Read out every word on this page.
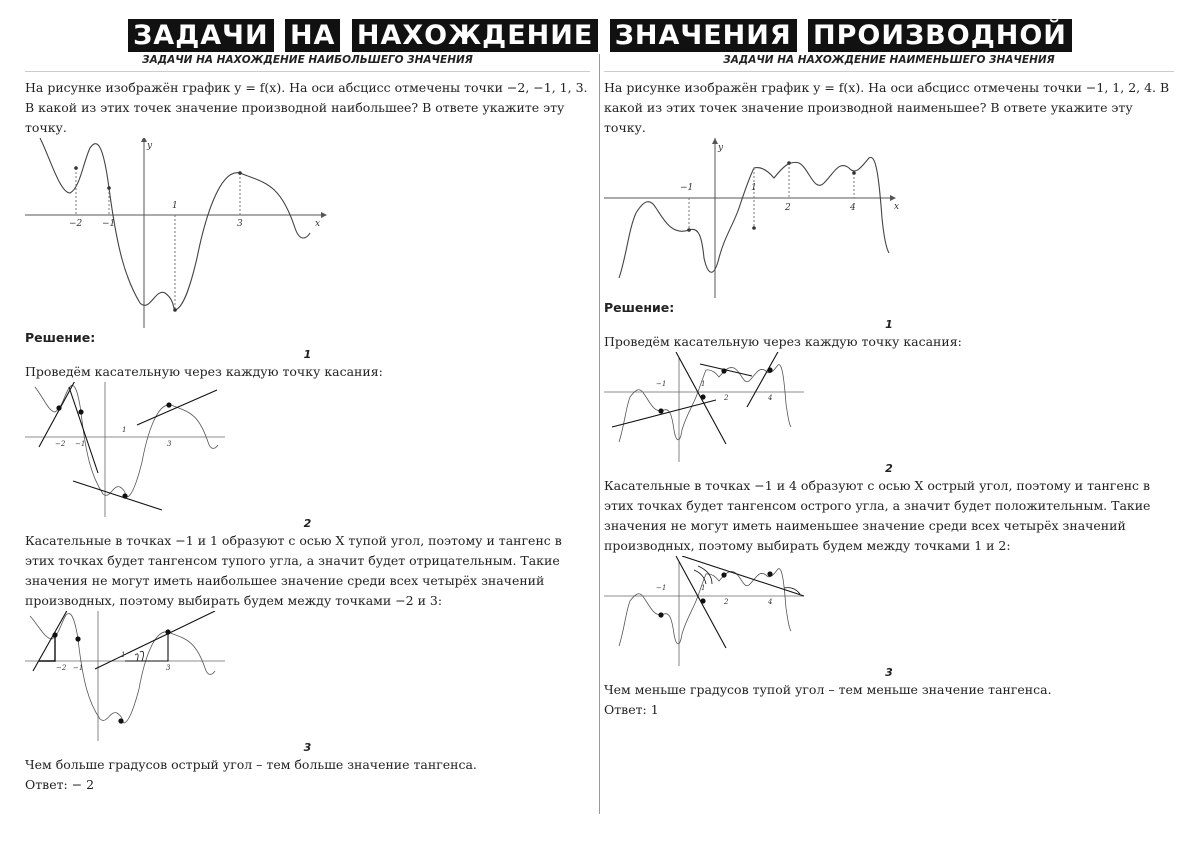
ЗАДАЧИ НА НАХОЖДЕНИЕ ЗНАЧЕНИЯ ПРОИЗВОДНОЙ
ЗАДАЧИ НА НАХОЖДЕНИЕ НАИБОЛЬШЕГО ЗНАЧЕНИЯ

На рисунке изображён график y = f(x). На оси абсцисс отмечены точки −2, −1, 1, 3. В какой из этих точек значение производной наибольшее? В ответе укажите эту точку.

y
x
−2 −1
1
3

Решение:

1

Проведём касательную через каждую точку касания:

−2 −1
1
3
2

Касательные в точках −1 и 1 образуют с осью X тупой угол, поэтому и тангенс в этих точках будет тангенсом тупого угла, а значит будет отрицательным. Такие значения не могут иметь наибольшее значение среди всех четырёх значений производных, поэтому выбирать будем между точками −2 и 3:

−2 −1
1
3
3

Чем больше градусов острый угол – тем больше значение тангенса.

Ответ: − 2

ЗАДАЧИ НА НАХОЖДЕНИЕ НАИМЕНЬШЕГО ЗНАЧЕНИЯ

На рисунке изображён график y = f(x). На оси абсцисс отмечены точки −1, 1, 2, 4. В какой из этих точек значение производной наименьшее? В ответе укажите эту точку.

y
x
−1	1
2	4

Решение:

1

Проведём касательную через каждую точку касания:

−1	1
2	4
2

Касательные в точках −1 и 4 образуют с осью X острый угол, поэтому и тангенс в этих точках будет тангенсом острого угла, а значит будет положительным. Такие значения не могут иметь наименьшее значение среди всех четырёх значений производных, поэтому выбирать будем между точками 1 и 2:

−1	1
2	4
3

Чем меньше градусов тупой угол – тем меньше значение тангенса.

Ответ: 1
